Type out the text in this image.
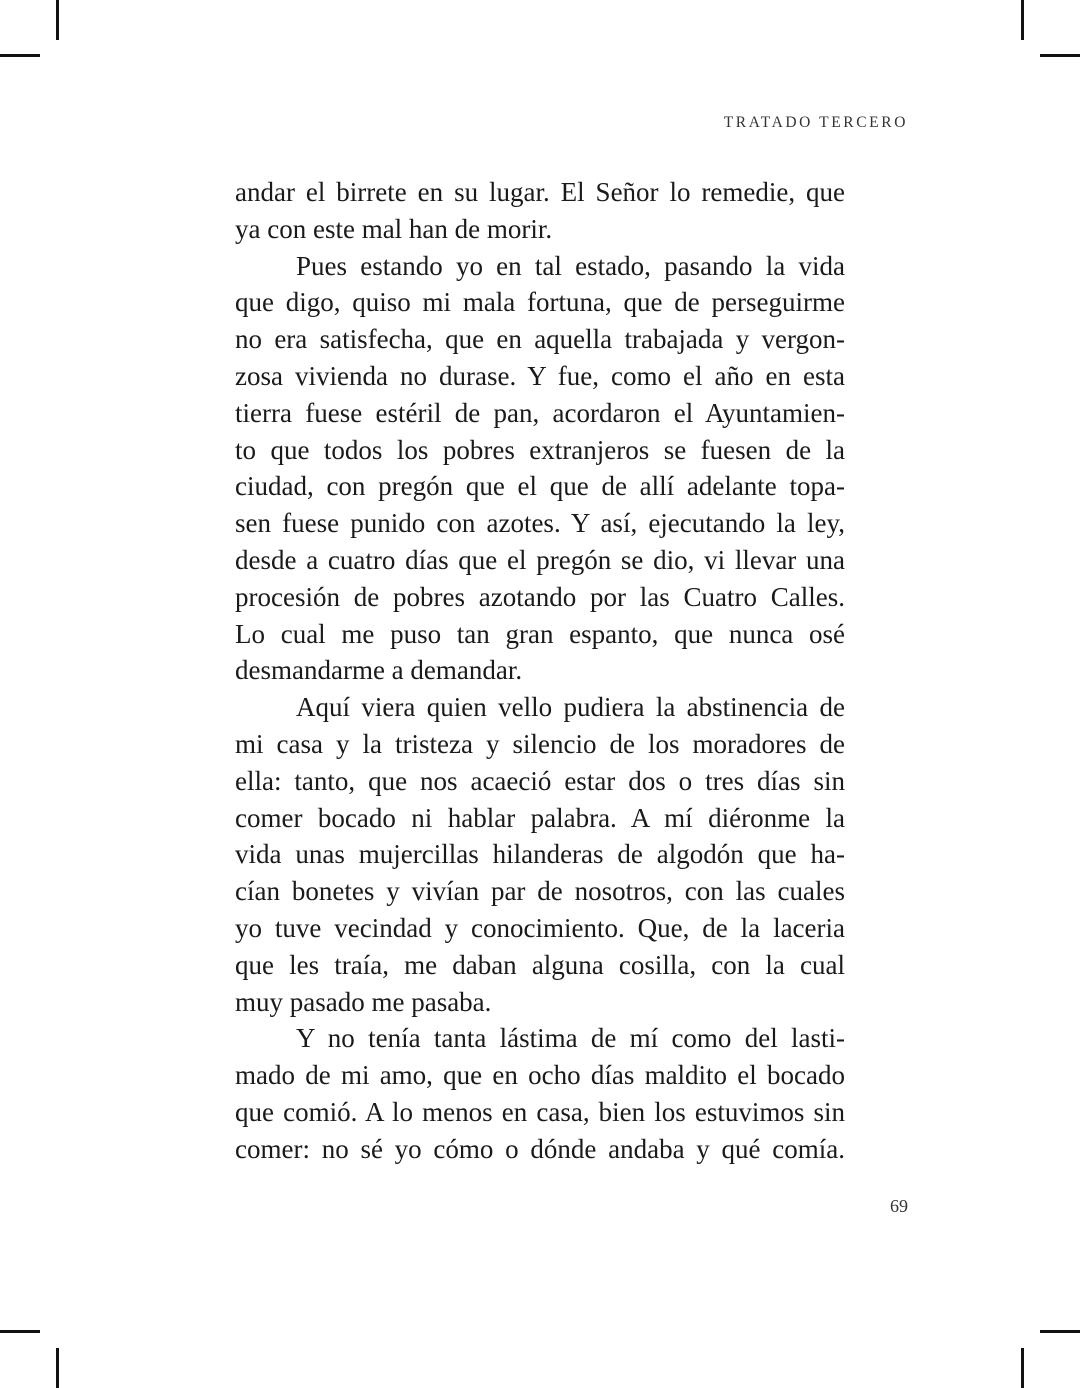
TRATADO TERCERO
andar el birrete en su lugar. El Señor lo remedie, que
ya con este mal han de morir.
Pues estando yo en tal estado, pasando la vida
que digo, quiso mi mala fortuna, que de perseguirme
no era satisfecha, que en aquella trabajada y vergon-
zosa vivienda no durase. Y fue, como el año en esta
tierra fuese estéril de pan, acordaron el Ayuntamien-
to que todos los pobres extranjeros se fuesen de la
ciudad, con pregón que el que de allí adelante topa-
sen fuese punido con azotes. Y así, ejecutando la ley,
desde a cuatro días que el pregón se dio, vi llevar una
procesión de pobres azotando por las Cuatro Calles.
Lo cual me puso tan gran espanto, que nunca osé
desmandarme a demandar.
Aquí viera quien vello pudiera la abstinencia de
mi casa y la tristeza y silencio de los moradores de
ella: tanto, que nos acaeció estar dos o tres días sin
comer bocado ni hablar palabra. A mí diéronme la
vida unas mujercillas hilanderas de algodón que ha-
cían bonetes y vivían par de nosotros, con las cuales
yo tuve vecindad y conocimiento. Que, de la laceria
que les traía, me daban alguna cosilla, con la cual
muy pasado me pasaba.
Y no tenía tanta lástima de mí como del lasti-
mado de mi amo, que en ocho días maldito el bocado
que comió. A lo menos en casa, bien los estuvimos sin
comer: no sé yo cómo o dónde andaba y qué comía.
69
